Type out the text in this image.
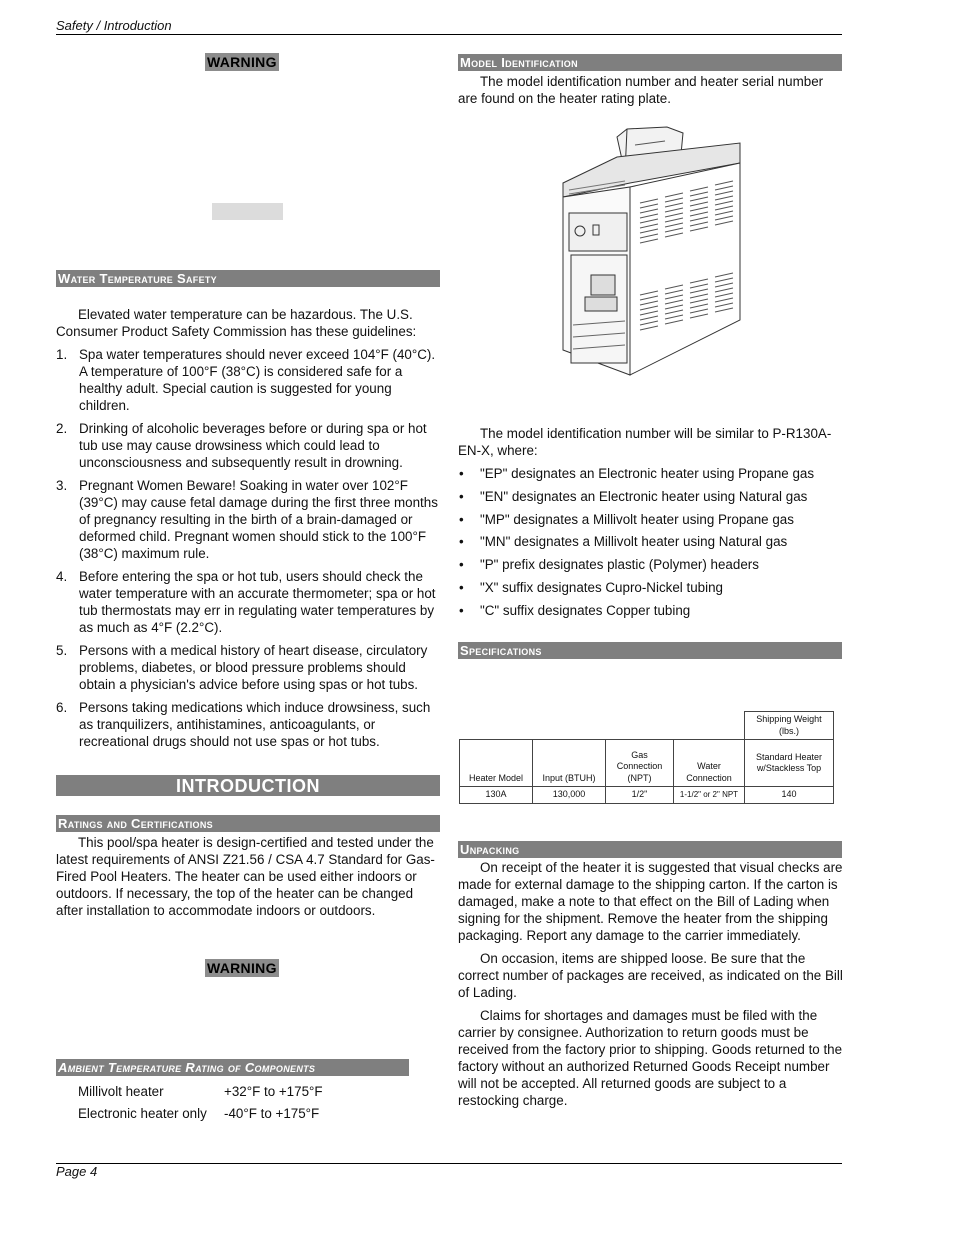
Safety / Introduction
WARNING
Water Temperature Safety

Elevated water temperature can be hazardous. The U.S. Consumer Product Safety Commission has these guidelines:

1. Spa water temperatures should never exceed 104°F (40°C). A temperature of 100°F (38°C) is considered safe for a healthy adult. Special caution is suggested for young children.
2. Drinking of alcoholic beverages before or during spa or hot tub use may cause drowsiness which could lead to unconsciousness and subsequently result in drowning.
3. Pregnant Women Beware! Soaking in water over 102°F (39°C) may cause fetal damage during the first three months of pregnancy resulting in the birth of a brain-damaged or deformed child. Pregnant women should stick to the 100°F (38°C) maximum rule.
4. Before entering the spa or hot tub, users should check the water temperature with an accurate thermometer; spa or hot tub thermostats may err in regulating water temperatures by as much as 4°F (2.2°C).
5. Persons with a medical history of heart disease, circulatory problems, diabetes, or blood pressure problems should obtain a physician's advice before using spas or hot tubs.
6. Persons taking medications which induce drowsiness, such as tranquilizers, antihistamines, anticoagulants, or recreational drugs should not use spas or hot tubs.
INTRODUCTION
Ratings and Certifications

This pool/spa heater is design-certified and tested under the latest requirements of ANSI Z21.56 / CSA 4.7 Standard for Gas-Fired Pool Heaters. The heater can be used either indoors or outdoors. If necessary, the top of the heater can be changed after installation to accommodate indoors or outdoors.

WARNING
Ambient Temperature Rating of Components
Millivolt heater	+32°F to +175°F
Electronic heater only -40°F to +175°F
Model Identification

The model identification number and heater serial number are found on the heater rating plate.

The model identification number will be similar to P-R130A-EN-X, where:

• "EP" designates an Electronic heater using Propane gas
• "EN" designates an Electronic heater using Natural gas
• "MP" designates a Millivolt heater using Propane gas
• "MN" designates a Millivolt heater using Natural gas
• "P" prefix designates plastic (Polymer) headers
• "X" suffix designates Cupro-Nickel tubing
• "C" suffix designates Copper tubing
Specifications
				Shipping Weight (lbs.)
Heater Model	Input (BTUH)	Gas Connection (NPT)	Water Connection	Standard Heater w/Stackless Top
130A	130,000	1/2"	1-1/2" or 2" NPT	140
Unpacking

On receipt of the heater it is suggested that visual checks are made for external damage to the shipping carton. If the carton is damaged, make a note to that effect on the Bill of Lading when signing for the shipment. Remove the heater from the shipping packaging. Report any damage to the carrier immediately.

On occasion, items are shipped loose. Be sure that the correct number of packages are received, as indicated on the Bill of Lading.

Claims for shortages and damages must be filed with the carrier by consignee. Authorization to return goods must be received from the factory prior to shipping. Goods returned to the factory without an authorized Returned Goods Receipt number will not be accepted. All returned goods are subject to a restocking charge.

Page 4
